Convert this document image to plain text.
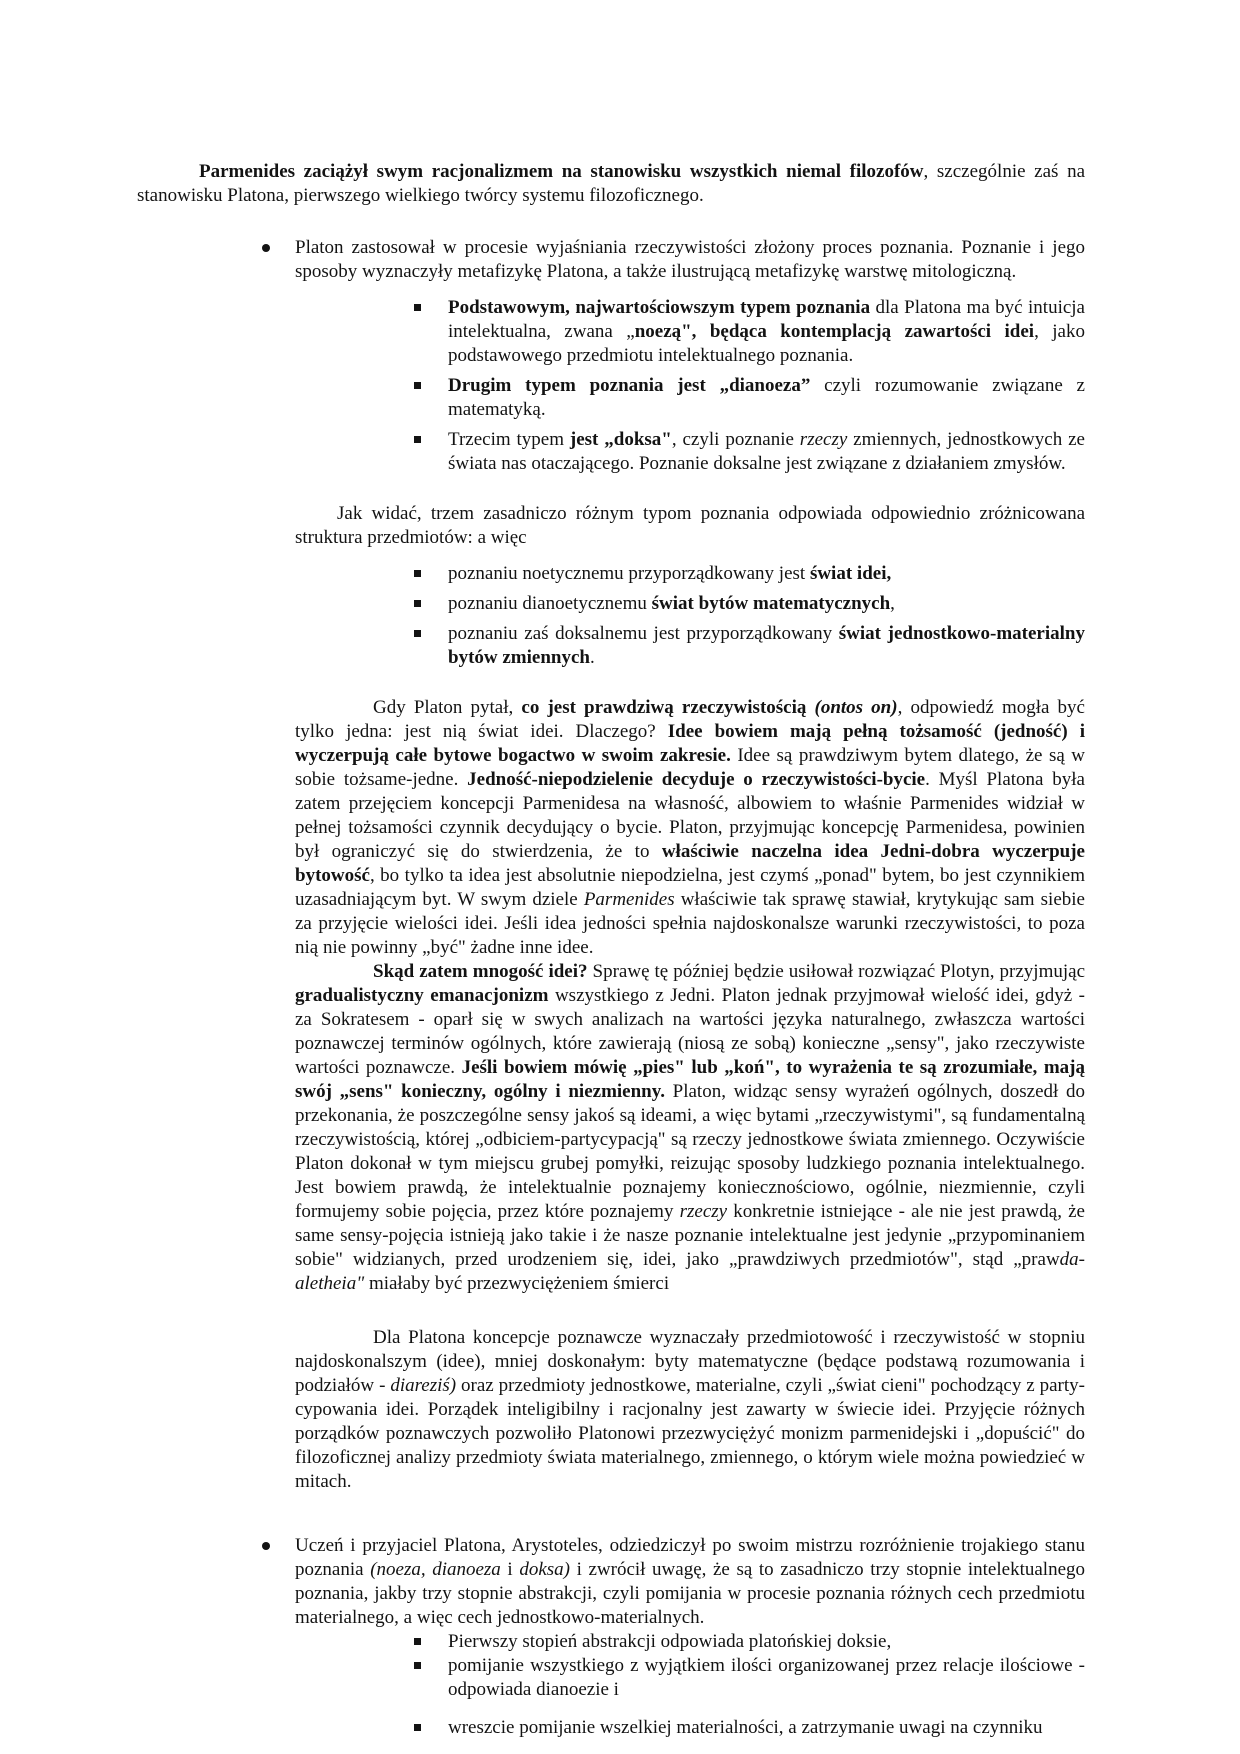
Parmenides zaciążył swym racjonalizmem na stanowisku wszystkich niemal filozofów, szczególnie zaś na stanowisku Platona, pierwszego wielkiego twórcy systemu filozoficznego.
Platon zastosował w procesie wyjaśniania rzeczywistości złożony proces poznania. Poznanie i jego sposoby wyznaczyły metafizykę Platona, a także ilustrującą metafizykę warstwę mitologiczną.
Podstawowym, najwartościowszym typem poznania dla Platona ma być intuicja intelektualna, zwana „noezą", będąca kontemplacją zawartości idei, jako podstawowego przedmiotu intelektualnego poznania.
Drugim typem poznania jest „dianoeza” czyli rozumowanie związane z matematyką.
Trzecim typem jest „doksa", czyli poznanie rzeczy zmiennych, jednostkowych ze świata nas otaczającego. Poznanie doksalne jest związane z działaniem zmysłów.
Jak widać, trzem zasadniczo różnym typom poznania odpowiada odpowiednio zróżnicowana struktura przedmiotów: a więc
poznaniu noetycznemu przyporządkowany jest świat idei,
poznaniu dianoetycznemu świat bytów matematycznych,
poznaniu zaś doksalnemu jest przyporządkowany świat jednostkowo-materialny bytów zmiennych.
Gdy Platon pytał, co jest prawdziwą rzeczywistością (ontos on), odpowiedź mogła być tylko jedna: jest nią świat idei. Dlaczego? Idee bowiem mają pełną tożsamość (jedność) i wyczerpują całe bytowe bogactwo w swoim zakresie. Idee są prawdziwym bytem dlatego, że są w sobie tożsame-jedne. Jedność-niepodzielenie decyduje o rzeczywistości-bycie. Myśl Platona była zatem przejęciem koncepcji Parmenidesa na własność, albowiem to właśnie Parmenides widział w pełnej tożsamości czynnik decydujący o bycie. Platon, przyjmując koncepcję Parmenidesa, powinien był ograniczyć się do stwierdzenia, że to właściwie naczelna idea Jedni-dobra wyczerpuje bytowość, bo tylko ta idea jest absolutnie niepodzielna, jest czymś „ponad" bytem, bo jest czynnikiem uzasadniającym byt. W swym dziele Parmenides właściwie tak sprawę stawiał, krytykując sam siebie za przyjęcie wielości idei. Jeśli idea jedności spełnia najdoskonalsze warunki rzeczywistości, to poza nią nie powinny „być" żadne inne idee.
Skąd zatem mnogość idei? Sprawę tę później będzie usiłował rozwiązać Plotyn, przyjmując gradualistyczny emanacjonizm wszystkiego z Jedni. Platon jednak przyjmował wielość idei, gdyż - za Sokratesem - oparł się w swych analizach na wartości języka naturalnego, zwłaszcza wartości poznawczej terminów ogólnych, które zawierają (niosą ze sobą) konieczne „sensy", jako rzeczywiste wartości poznawcze. Jeśli bowiem mówię „pies" lub „koń", to wyrażenia te są zrozumiałe, mają swój „sens" konieczny, ogólny i niezmienny. Platon, widząc sensy wyrażeń ogólnych, doszedł do przekonania, że poszczególne sensy jakoś są ideami, a więc bytami „rzeczywistymi", są fundamentalną rzeczywistością, której „odbiciem-partycypacją" są rzeczy jednostkowe świata zmiennego. Oczywiście Platon dokonał w tym miejscu grubej pomyłki, reizując sposoby ludzkiego poznania intelektualnego. Jest bowiem prawdą, że intelektualnie poznajemy koniecznościowo, ogólnie, niezmiennie, czyli formujemy sobie pojęcia, przez które poznajemy rzeczy konkretnie istniejące - ale nie jest prawdą, że same sensy-pojęcia istnieją jako takie i że nasze poznanie intelektualne jest jedynie „przypominaniem sobie" widzianych, przed urodzeniem się, idei, jako „prawdziwych przedmiotów", stąd „prawda-aletheia" miałaby być przezwyciężeniem śmierci
Dla Platona koncepcje poznawcze wyznaczały przedmiotowość i rzeczywistość w stopniu najdoskonalszym (idee), mniej doskonałym: byty matematyczne (będące podstawą rozumowania i podziałów - diareziś) oraz przedmioty jednostkowe, materialne, czyli „świat cieni" pochodzący z party-cypowania idei. Porządek inteligibilny i racjonalny jest zawarty w świecie idei. Przyjęcie różnych porządków poznawczych pozwoliło Platonowi przezwyciężyć monizm parmenidejski i „dopuścić" do filozoficznej analizy przedmioty świata materialnego, zmiennego, o którym wiele można powiedzieć w mitach.
Uczeń i przyjaciel Platona, Arystoteles, odziedziczył po swoim mistrzu rozróżnienie trojakiego stanu poznania (noeza, dianoeza i doksa) i zwrócił uwagę, że są to zasadniczo trzy stopnie intelektualnego poznania, jakby trzy stopnie abstrakcji, czyli pomijania w procesie poznania różnych cech przedmiotu materialnego, a więc cech jednostkowo-materialnych.
Pierwszy stopień abstrakcji odpowiada platońskiej doksie,
pomijanie wszystkiego z wyjątkiem ilości organizowanej przez relacje ilościowe - odpowiada dianoezie i
wreszcie pomijanie wszelkiej materialności, a zatrzymanie uwagi na czynniku
